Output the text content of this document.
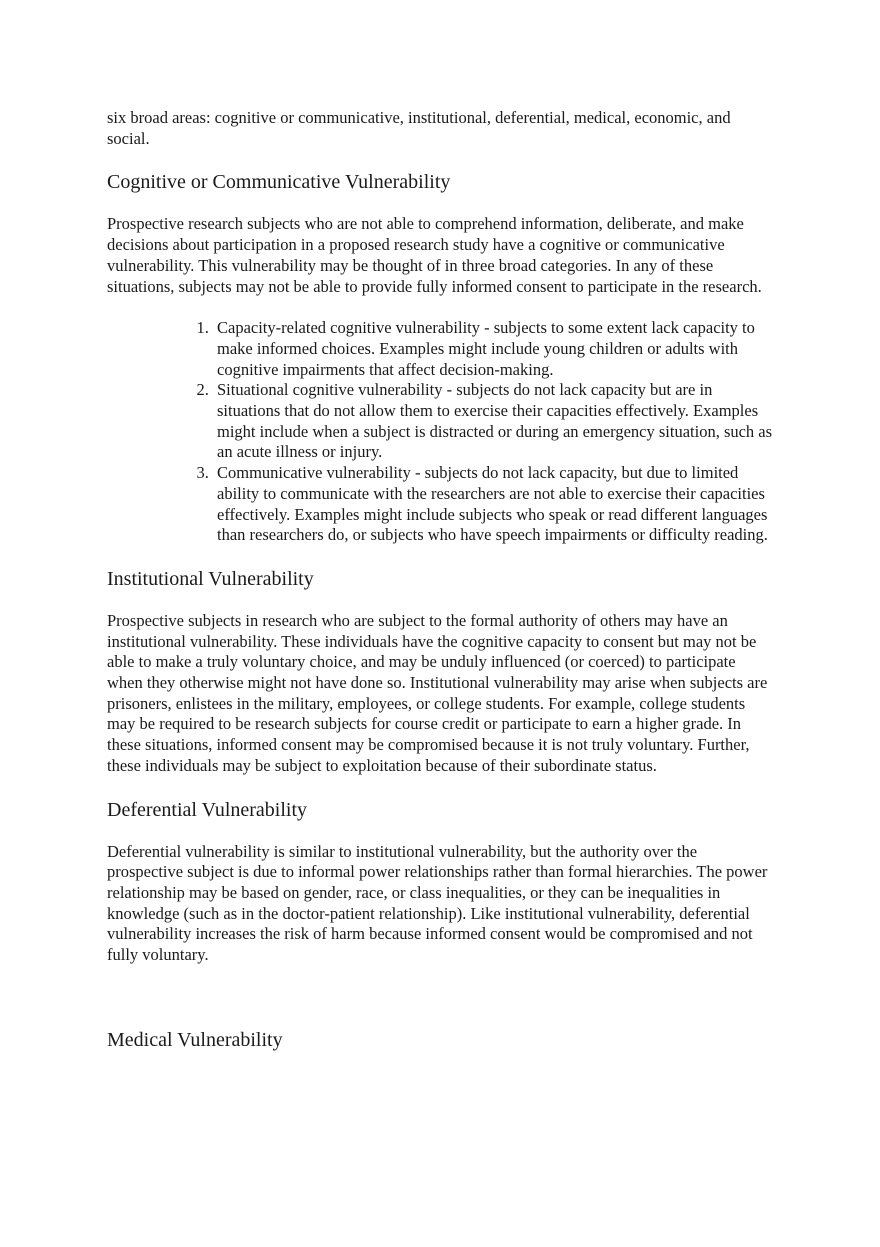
six broad areas: cognitive or communicative, institutional, deferential, medical, economic, and social.

Cognitive or Communicative Vulnerability

Prospective research subjects who are not able to comprehend information, deliberate, and make decisions about participation in a proposed research study have a cognitive or communicative vulnerability. This vulnerability may be thought of in three broad categories. In any of these situations, subjects may not be able to provide fully informed consent to participate in the research.

1. Capacity-related cognitive vulnerability - subjects to some extent lack capacity to make informed choices. Examples might include young children or adults with cognitive impairments that affect decision-making.
2. Situational cognitive vulnerability - subjects do not lack capacity but are in situations that do not allow them to exercise their capacities effectively. Examples might include when a subject is distracted or during an emergency situation, such as an acute illness or injury.
3. Communicative vulnerability - subjects do not lack capacity, but due to limited ability to communicate with the researchers are not able to exercise their capacities effectively. Examples might include subjects who speak or read different languages than researchers do, or subjects who have speech impairments or difficulty reading.
Institutional Vulnerability

Prospective subjects in research who are subject to the formal authority of others may have an institutional vulnerability. These individuals have the cognitive capacity to consent but may not be able to make a truly voluntary choice, and may be unduly influenced (or coerced) to participate when they otherwise might not have done so. Institutional vulnerability may arise when subjects are prisoners, enlistees in the military, employees, or college students. For example, college students may be required to be research subjects for course credit or participate to earn a higher grade. In these situations, informed consent may be compromised because it is not truly voluntary. Further, these individuals may be subject to exploitation because of their subordinate status.

Deferential Vulnerability

Deferential vulnerability is similar to institutional vulnerability, but the authority over the prospective subject is due to informal power relationships rather than formal hierarchies. The power relationship may be based on gender, race, or class inequalities, or they can be inequalities in knowledge (such as in the doctor-patient relationship). Like institutional vulnerability, deferential vulnerability increases the risk of harm because informed consent would be compromised and not fully voluntary.

Medical Vulnerability
